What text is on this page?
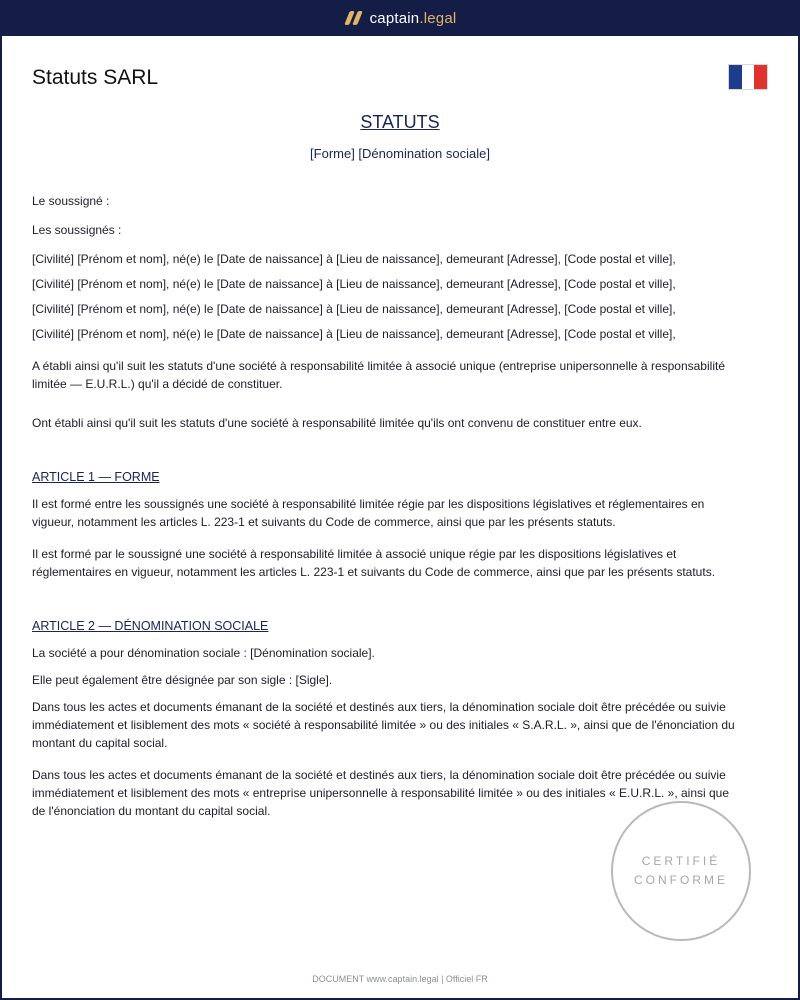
captain.legal
Statuts SARL
STATUTS
[Forme] [Dénomination sociale]

Le soussigné :

Les soussignés :

[Civilité] [Prénom et nom], né(e) le [Date de naissance] à [Lieu de naissance], demeurant [Adresse], [Code postal et ville],

[Civilité] [Prénom et nom], né(e) le [Date de naissance] à [Lieu de naissance], demeurant [Adresse], [Code postal et ville],

[Civilité] [Prénom et nom], né(e) le [Date de naissance] à [Lieu de naissance], demeurant [Adresse], [Code postal et ville],

[Civilité] [Prénom et nom], né(e) le [Date de naissance] à [Lieu de naissance], demeurant [Adresse], [Code postal et ville],

A établi ainsi qu'il suit les statuts d'une société à responsabilité limitée à associé unique (entreprise unipersonnelle à responsabilité limitée — E.U.R.L.) qu'il a décidé de constituer.

Ont établi ainsi qu'il suit les statuts d'une société à responsabilité limitée qu'ils ont convenu de constituer entre eux.

ARTICLE 1 — FORME

Il est formé entre les soussignés une société à responsabilité limitée régie par les dispositions législatives et réglementaires en vigueur, notamment les articles L. 223-1 et suivants du Code de commerce, ainsi que par les présents statuts.

Il est formé par le soussigné une société à responsabilité limitée à associé unique régie par les dispositions législatives et réglementaires en vigueur, notamment les articles L. 223-1 et suivants du Code de commerce, ainsi que par les présents statuts.

ARTICLE 2 — DÉNOMINATION SOCIALE

La société a pour dénomination sociale : [Dénomination sociale].

Elle peut également être désignée par son sigle : [Sigle].

Dans tous les actes et documents émanant de la société et destinés aux tiers, la dénomination sociale doit être précédée ou suivie immédiatement et lisiblement des mots « société à responsabilité limitée » ou des initiales « S.A.R.L. », ainsi que de l'énonciation du montant du capital social.

Dans tous les actes et documents émanant de la société et destinés aux tiers, la dénomination sociale doit être précédée ou suivie immédiatement et lisiblement des mots « entreprise unipersonnelle à responsabilité limitée » ou des initiales « E.U.R.L. », ainsi que de l'énonciation du montant du capital social.

CERTIFIÉ
CONFORME
DOCUMENT www.captain.legal | Officiel FR
